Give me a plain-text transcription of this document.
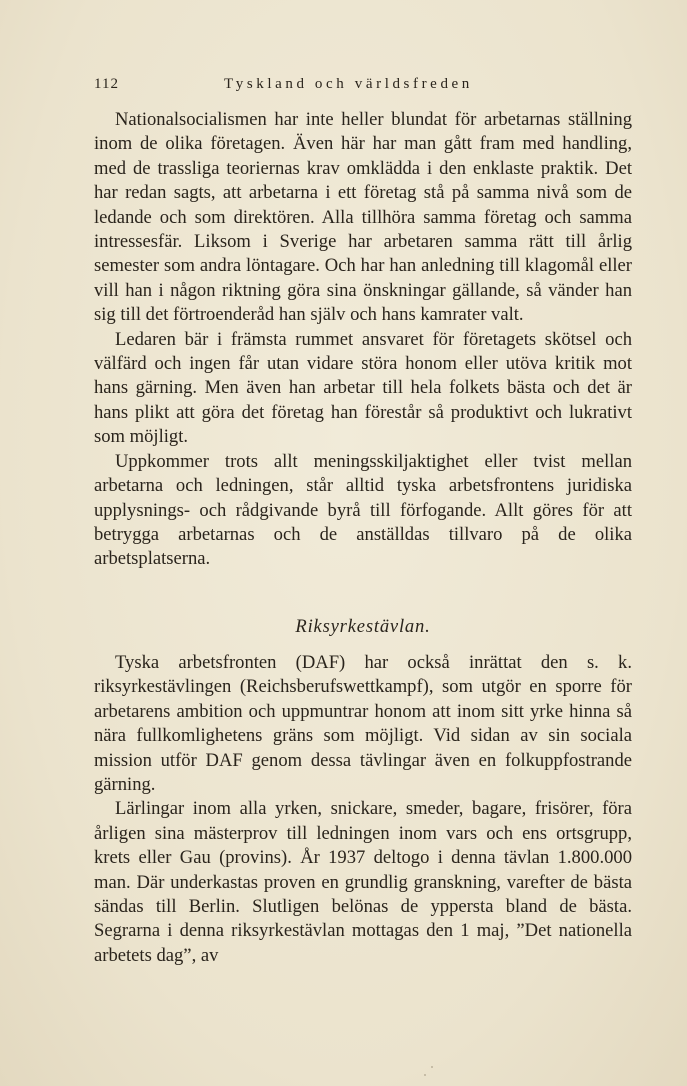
112	Tyskland och världsfreden

Nationalsocialismen har inte heller blundat för arbetarnas ställning inom de olika företagen. Även här har man gått fram med handling, med de trassliga teoriernas krav omklädda i den enklaste praktik. Det har redan sagts, att arbetarna i ett företag stå på samma nivå som de ledande och som direktören. Alla tillhöra samma företag och samma intressesfär. Liksom i Sverige har arbetaren samma rätt till årlig semester som andra löntagare. Och har han anledning till klagomål eller vill han i någon riktning göra sina önskningar gällande, så vänder han sig till det förtroenderåd han själv och hans kamrater valt.

Ledaren bär i främsta rummet ansvaret för företagets skötsel och välfärd och ingen får utan vidare störa honom eller utöva kritik mot hans gärning. Men även han arbetar till hela folkets bästa och det är hans plikt att göra det företag han förestår så produktivt och lukrativt som möjligt.

Uppkommer trots allt meningsskiljaktighet eller tvist mellan arbetarna och ledningen, står alltid tyska arbetsfrontens juridiska upplysnings- och rådgivande byrå till förfogande. Allt göres för att betrygga arbetarnas och de anställdas tillvaro på de olika arbetsplatserna.

Riksyrkestävlan.

Tyska arbetsfronten (DAF) har också inrättat den s. k. riksyrkestävlingen (Reichsberufswettkampf), som utgör en sporre för arbetarens ambition och uppmuntrar honom att inom sitt yrke hinna så nära fullkomlighetens gräns som möjligt. Vid sidan av sin sociala mission utför DAF genom dessa tävlingar även en folkuppfostrande gärning.

Lärlingar inom alla yrken, snickare, smeder, bagare, frisörer, föra årligen sina mästerprov till ledningen inom vars och ens ortsgrupp, krets eller Gau (provins). År 1937 deltogo i denna tävlan 1.800.000 man. Där underkastas proven en grundlig granskning, varefter de bästa sändas till Berlin. Slutligen belönas de yppersta bland de bästa. Segrarna i denna riksyrkestävlan mottagas den 1 maj, ”Det nationella arbetets dag”, av
